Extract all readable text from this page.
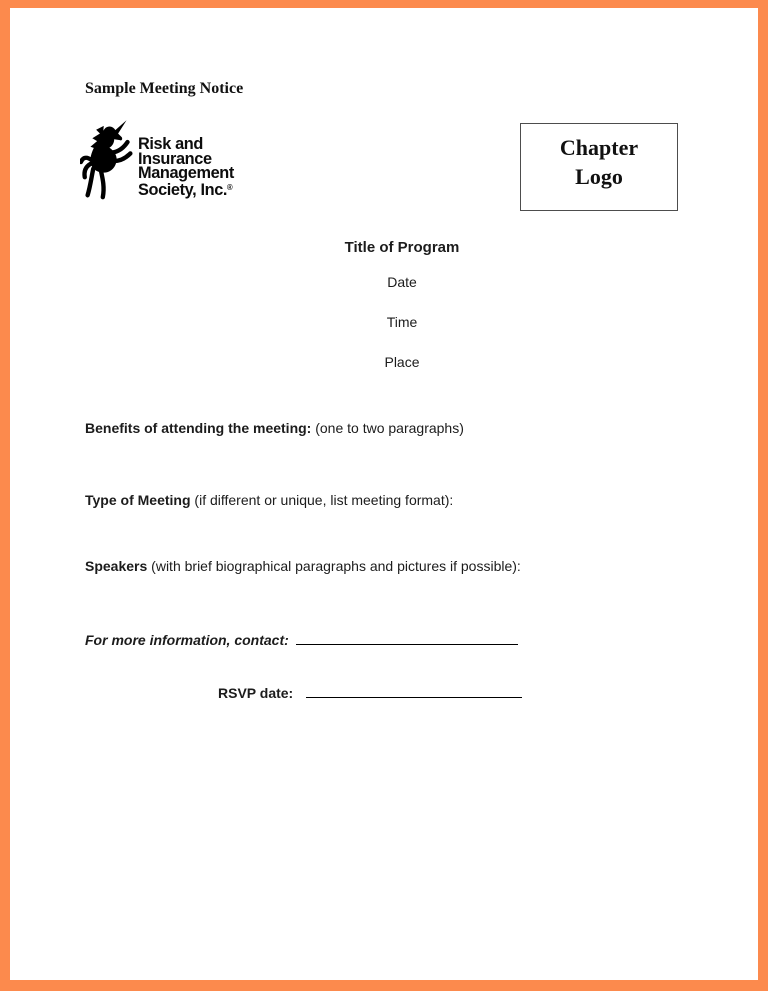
Sample Meeting Notice
Risk and
Insurance
Management
Society, Inc.®
Chapter
Logo
Title of Program
Date
Time
Place
Benefits of attending the meeting: (one to two paragraphs)
Type of Meeting (if different or unique, list meeting format):
Speakers (with brief biographical paragraphs and pictures if possible):
For more information, contact:
RSVP date:
